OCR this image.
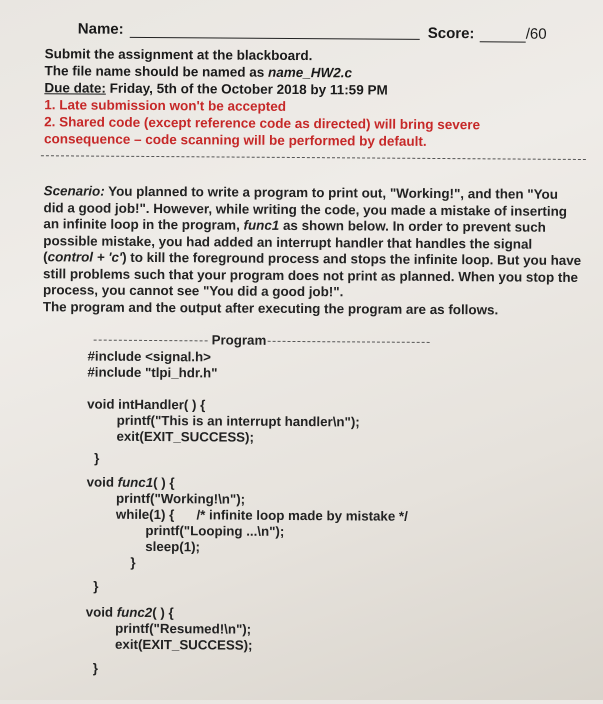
Name:	Score:	/60
Submit the assignment at the blackboard.
The file name should be named as name_HW2.c
Due date: Friday, 5th of the October 2018 by 11:59 PM
1. Late submission won't be accepted
2. Shared code (except reference code as directed) will bring severe
consequence – code scanning will be performed by default.
Scenario: You planned to write a program to print out, "Working!", and then "You
did a good job!". However, while writing the code, you made a mistake of inserting
an infinite loop in the program, func1 as shown below. In order to prevent such
possible mistake, you had added an interrupt handler that handles the signal
(control + 'c') to kill the foreground process and stops the infinite loop. But you have
still problems such that your program does not print as planned. When you stop the
process, you cannot see "You did a good job!".
The program and the output after executing the program are as follows.
Program
#include <signal.h>
#include "tlpi_hdr.h"
void intHandler( ) {
printf("This is an interrupt handler\n");
exit(EXIT_SUCCESS);
}
void func1( ) {
printf("Working!\n");
while(1) {      /* infinite loop made by mistake */
printf("Looping ...\n");
sleep(1);
}
}
void func2( ) {
printf("Resumed!\n");
exit(EXIT_SUCCESS);
}
